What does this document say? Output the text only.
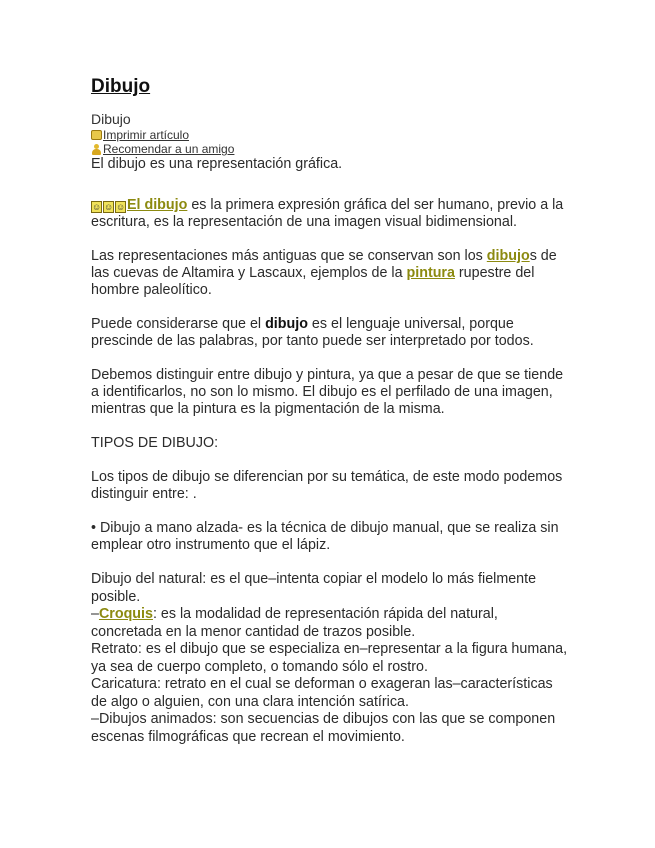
Dibujo
Dibujo
Imprimir artículo
Recomendar a un amigo

El dibujo es una representación gráfica.

☺ ☺ ☺ El dibujo es la primera expresión gráfica del ser humano, previo a la escritura, es la representación de una imagen visual bidimensional.

Las representaciones más antiguas que se conservan son los dibujos de las cuevas de Altamira y Lascaux, ejemplos de la pintura rupestre del hombre paleolítico.

Puede considerarse que el dibujo es el lenguaje universal, porque prescinde de las palabras, por tanto puede ser interpretado por todos.

Debemos distinguir entre dibujo y pintura, ya que a pesar de que se tiende a identificarlos, no son lo mismo. El dibujo es el perfilado de una imagen, mientras que la pintura es la pigmentación de la misma.

TIPOS DE DIBUJO:

Los tipos de dibujo se diferencian por su temática, de este modo podemos distinguir entre: .

• Dibujo a mano alzada- es la técnica de dibujo manual, que se realiza sin emplear otro instrumento que el lápiz.

Dibujo del natural: es el que–intenta copiar el modelo lo más fielmente posible.

–Croquis: es la modalidad de representación rápida del natural, concretada en la menor cantidad de trazos posible.

Retrato: es el dibujo que se especializa en–representar a la figura humana, ya sea de cuerpo completo, o tomando sólo el rostro.

Caricatura: retrato en el cual se deforman o exageran las–características de algo o alguien, con una clara intención satírica.

–Dibujos animados: son secuencias de dibujos con las que se componen escenas filmográficas que recrean el movimiento.
